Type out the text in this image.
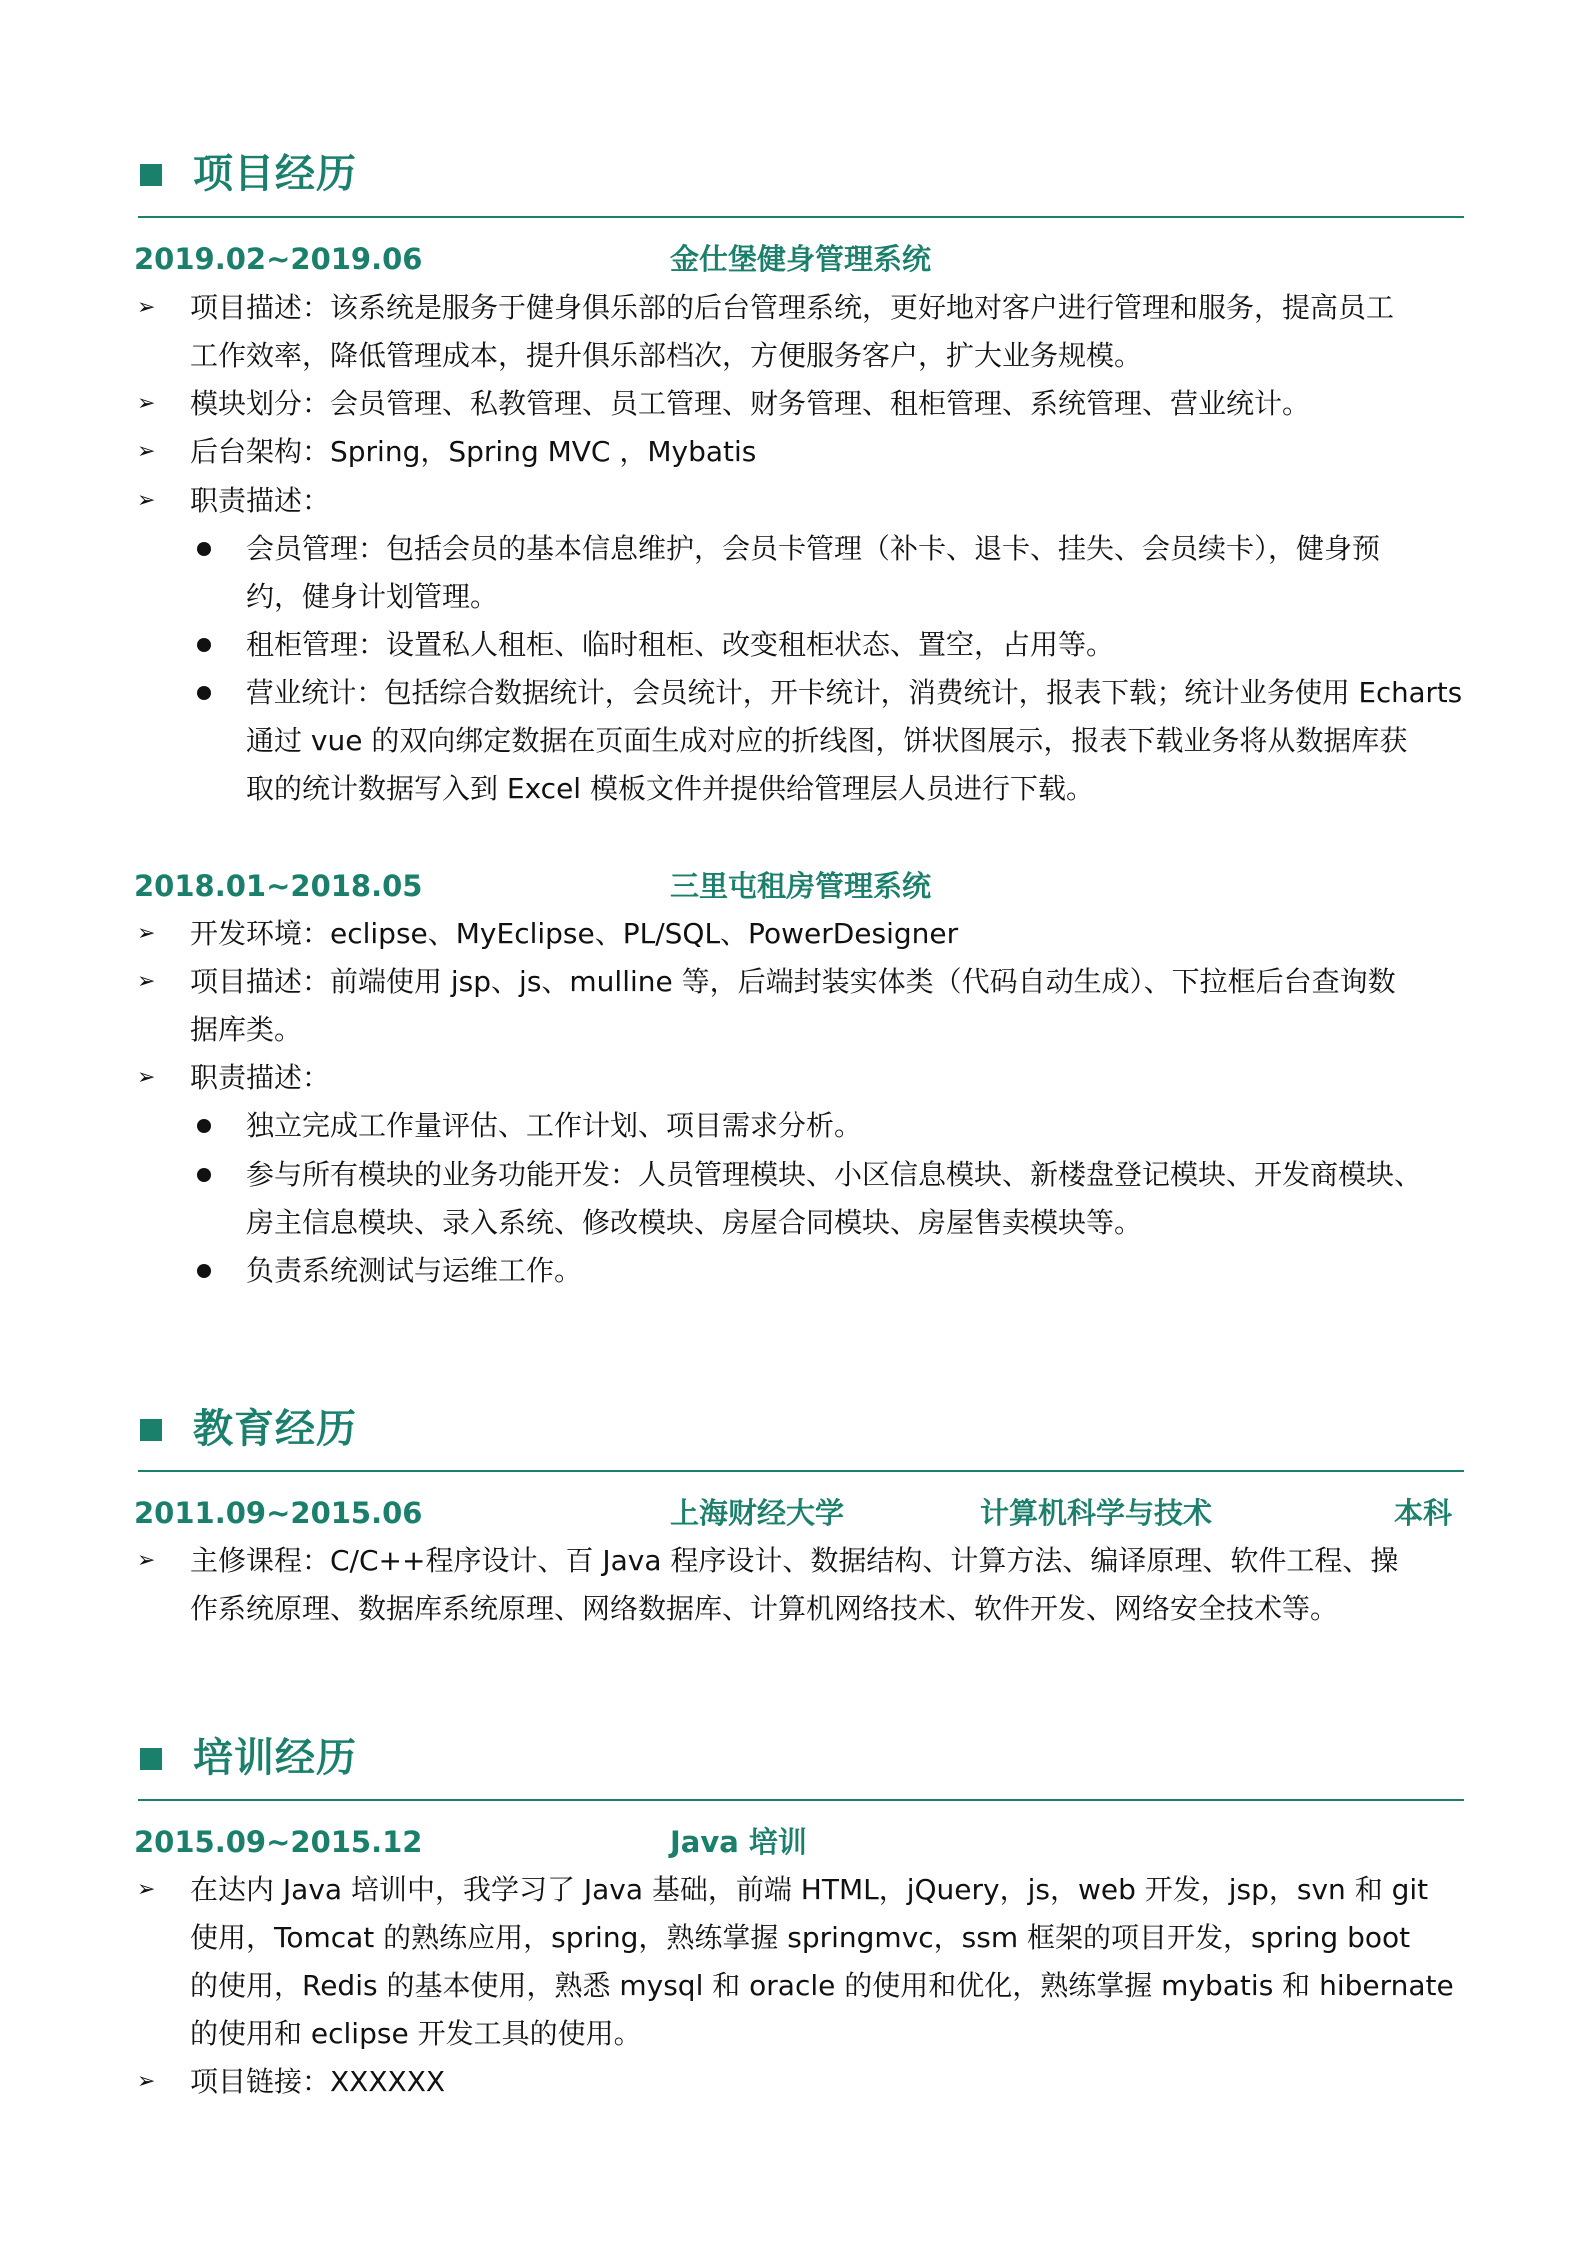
项目经历
2019.02~2019.06	金仕堡健身管理系统
➢ 项目描述：该系统是服务于健身俱乐部的后台管理系统，更好地对客户进行管理和服务，提高员工
工作效率，降低管理成本，提升俱乐部档次，方便服务客户，扩大业务规模。
➢ 模块划分：会员管理、私教管理、员工管理、财务管理、租柜管理、系统管理、营业统计。
➢ 后台架构：Spring，Spring MVC ，Mybatis
➢ 职责描述：
会员管理：包括会员的基本信息维护，会员卡管理（补卡、退卡、挂失、会员续卡），健身预
约，健身计划管理。
租柜管理：设置私人租柜、临时租柜、改变租柜状态、置空，占用等。
营业统计：包括综合数据统计，会员统计，开卡统计，消费统计，报表下载；统计业务使用 Echarts
通过 vue 的双向绑定数据在页面生成对应的折线图，饼状图展示，报表下载业务将从数据库获
取的统计数据写入到 Excel 模板文件并提供给管理层人员进行下载。
2018.01~2018.05	三里屯租房管理系统
➢ 开发环境：eclipse、MyEclipse、PL/SQL、PowerDesigner
➢ 项目描述：前端使用 jsp、js、mulline 等，后端封装实体类（代码自动生成）、下拉框后台查询数
据库类。
➢ 职责描述：
独立完成工作量评估、工作计划、项目需求分析。
参与所有模块的业务功能开发：人员管理模块、小区信息模块、新楼盘登记模块、开发商模块、
房主信息模块、录入系统、修改模块、房屋合同模块、房屋售卖模块等。
负责系统测试与运维工作。
教育经历
2011.09~2015.06	上海财经大学	计算机科学与技术	本科
➢ 主修课程：C/C++程序设计、百 Java 程序设计、数据结构、计算方法、编译原理、软件工程、操
作系统原理、数据库系统原理、网络数据库、计算机网络技术、软件开发、网络安全技术等。
培训经历
2015.09~2015.12	Java 培训
➢ 在达内 Java 培训中，我学习了 Java 基础，前端 HTML，jQuery，js，web 开发，jsp，svn 和 git
使用，Tomcat 的熟练应用，spring，熟练掌握 springmvc，ssm 框架的项目开发，spring boot
的使用，Redis 的基本使用，熟悉 mysql 和 oracle 的使用和优化，熟练掌握 mybatis 和 hibernate
的使用和 eclipse 开发工具的使用。
➢ 项目链接：XXXXXX
